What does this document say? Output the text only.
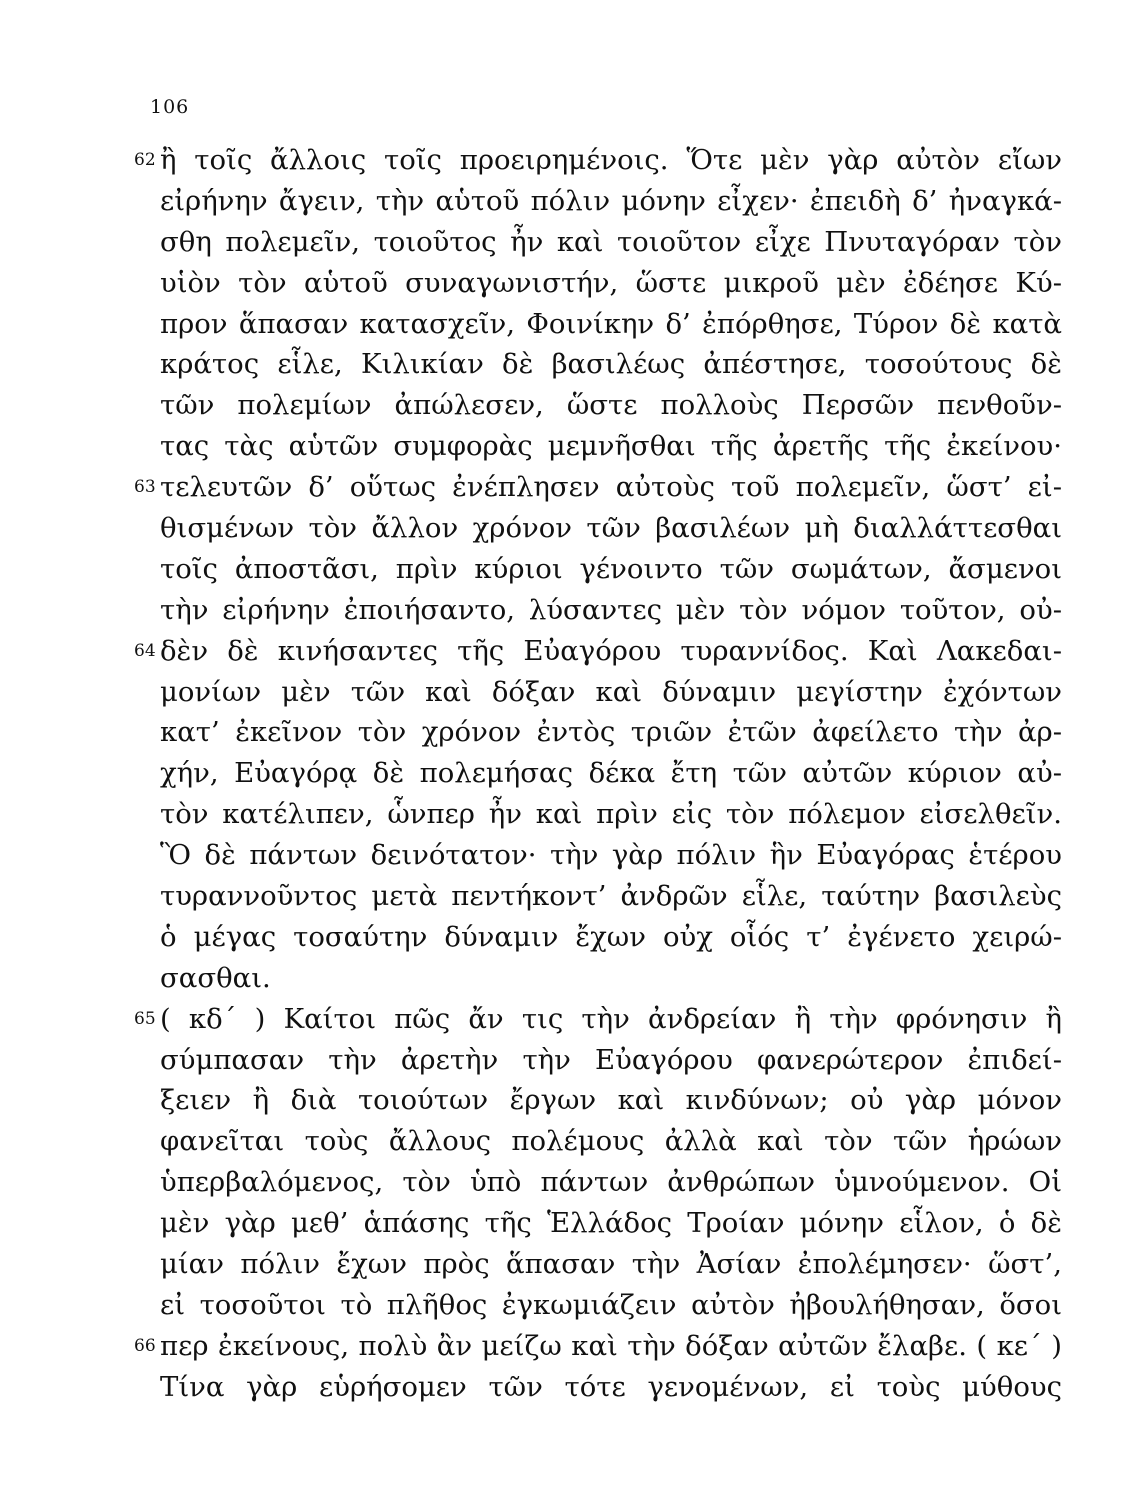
106
62 ἢ τοῖς ἄλλοις τοῖς προειρημένοις. Ὅτε μὲν γὰρ αὐτὸν εἴων
εἰρήνην ἄγειν, τὴν αὑτοῦ πόλιν μόνην εἶχεν· ἐπειδὴ δ’ ἠναγκά-
σθη πολεμεῖν, τοιοῦτος ἦν καὶ τοιοῦτον εἶχε Πνυταγόραν τὸν
υἱὸν τὸν αὑτοῦ συναγωνιστήν, ὥστε μικροῦ μὲν ἐδέησε Κύ-
προν ἅπασαν κατασχεῖν, Φοινίκην δ’ ἐπόρθησε, Τύρον δὲ κατὰ
κράτος εἷλε, Κιλικίαν δὲ βασιλέως ἀπέστησε, τοσούτους δὲ
τῶν πολεμίων ἀπώλεσεν, ὥστε πολλοὺς Περσῶν πενθοῦν-
τας τὰς αὑτῶν συμφορὰς μεμνῆσθαι τῆς ἀρετῆς τῆς ἐκείνου·
63 τελευτῶν δ’ οὕτως ἐνέπλησεν αὐτοὺς τοῦ πολεμεῖν, ὥστ’ εἰ-
θισμένων τὸν ἄλλον χρόνον τῶν βασιλέων μὴ διαλλάττεσθαι
τοῖς ἀποστᾶσι, πρὶν κύριοι γένοιντο τῶν σωμάτων, ἄσμενοι
τὴν εἰρήνην ἐποιήσαντο, λύσαντες μὲν τὸν νόμον τοῦτον, οὐ-
64 δὲν δὲ κινήσαντες τῆς Εὐαγόρου τυραννίδος. Καὶ Λακεδαι-
μονίων μὲν τῶν καὶ δόξαν καὶ δύναμιν μεγίστην ἐχόντων
κατ’ ἐκεῖνον τὸν χρόνον ἐντὸς τριῶν ἐτῶν ἀφείλετο τὴν ἀρ-
χήν, Εὐαγόρᾳ δὲ πολεμήσας δέκα ἔτη τῶν αὐτῶν κύριον αὐ-
τὸν κατέλιπεν, ὧνπερ ἦν καὶ πρὶν εἰς τὸν πόλεμον εἰσελθεῖν.
Ὃ δὲ πάντων δεινότατον· τὴν γὰρ πόλιν ἣν Εὐαγόρας ἑτέρου
τυραννοῦντος μετὰ πεντήκοντ’ ἀνδρῶν εἷλε, ταύτην βασιλεὺς
ὁ μέγας τοσαύτην δύναμιν ἔχων οὐχ οἷός τ’ ἐγένετο χειρώ-
σασθαι.
65 ( κδ΄ ) Καίτοι πῶς ἄν τις τὴν ἀνδρείαν ἢ τὴν φρόνησιν ἢ
σύμπασαν τὴν ἀρετὴν τὴν Εὐαγόρου φανερώτερον ἐπιδεί-
ξειεν ἢ διὰ τοιούτων ἔργων καὶ κινδύνων; οὐ γὰρ μόνον
φανεῖται τοὺς ἄλλους πολέμους ἀλλὰ καὶ τὸν τῶν ἡρώων
ὑπερβαλόμενος, τὸν ὑπὸ πάντων ἀνθρώπων ὑμνούμενον. Οἱ
μὲν γὰρ μεθ’ ἁπάσης τῆς Ἑλλάδος Τροίαν μόνην εἷλον, ὁ δὲ
μίαν πόλιν ἔχων πρὸς ἅπασαν τὴν Ἀσίαν ἐπολέμησεν· ὥστ’,
εἰ τοσοῦτοι τὸ πλῆθος ἐγκωμιάζειν αὐτὸν ἠβουλήθησαν, ὅσοι
66 περ ἐκείνους, πολὺ ἂν μείζω καὶ τὴν δόξαν αὐτῶν ἔλαβε. ( κε΄ )
Τίνα γὰρ εὑρήσομεν τῶν τότε γενομένων, εἰ τοὺς μύθους
